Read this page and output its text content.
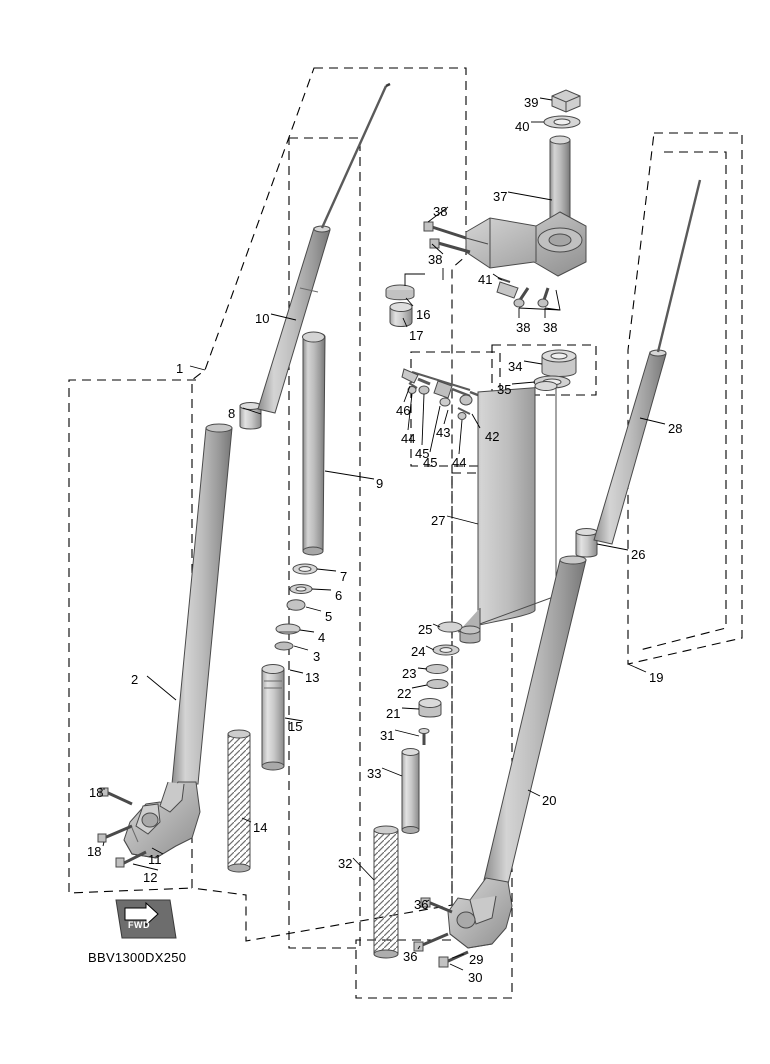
1
2
3
4
5
6
7
8
9
10
11
12
13
14
15
16
17
18
18
19
20
21
22
23
24
25
26
27
28
29
30
31
32
33
34
35
36
36
37
38
38
38 38
39
40
41
42
43
44
44
45
45
46
FWD
BBV1300DX250
